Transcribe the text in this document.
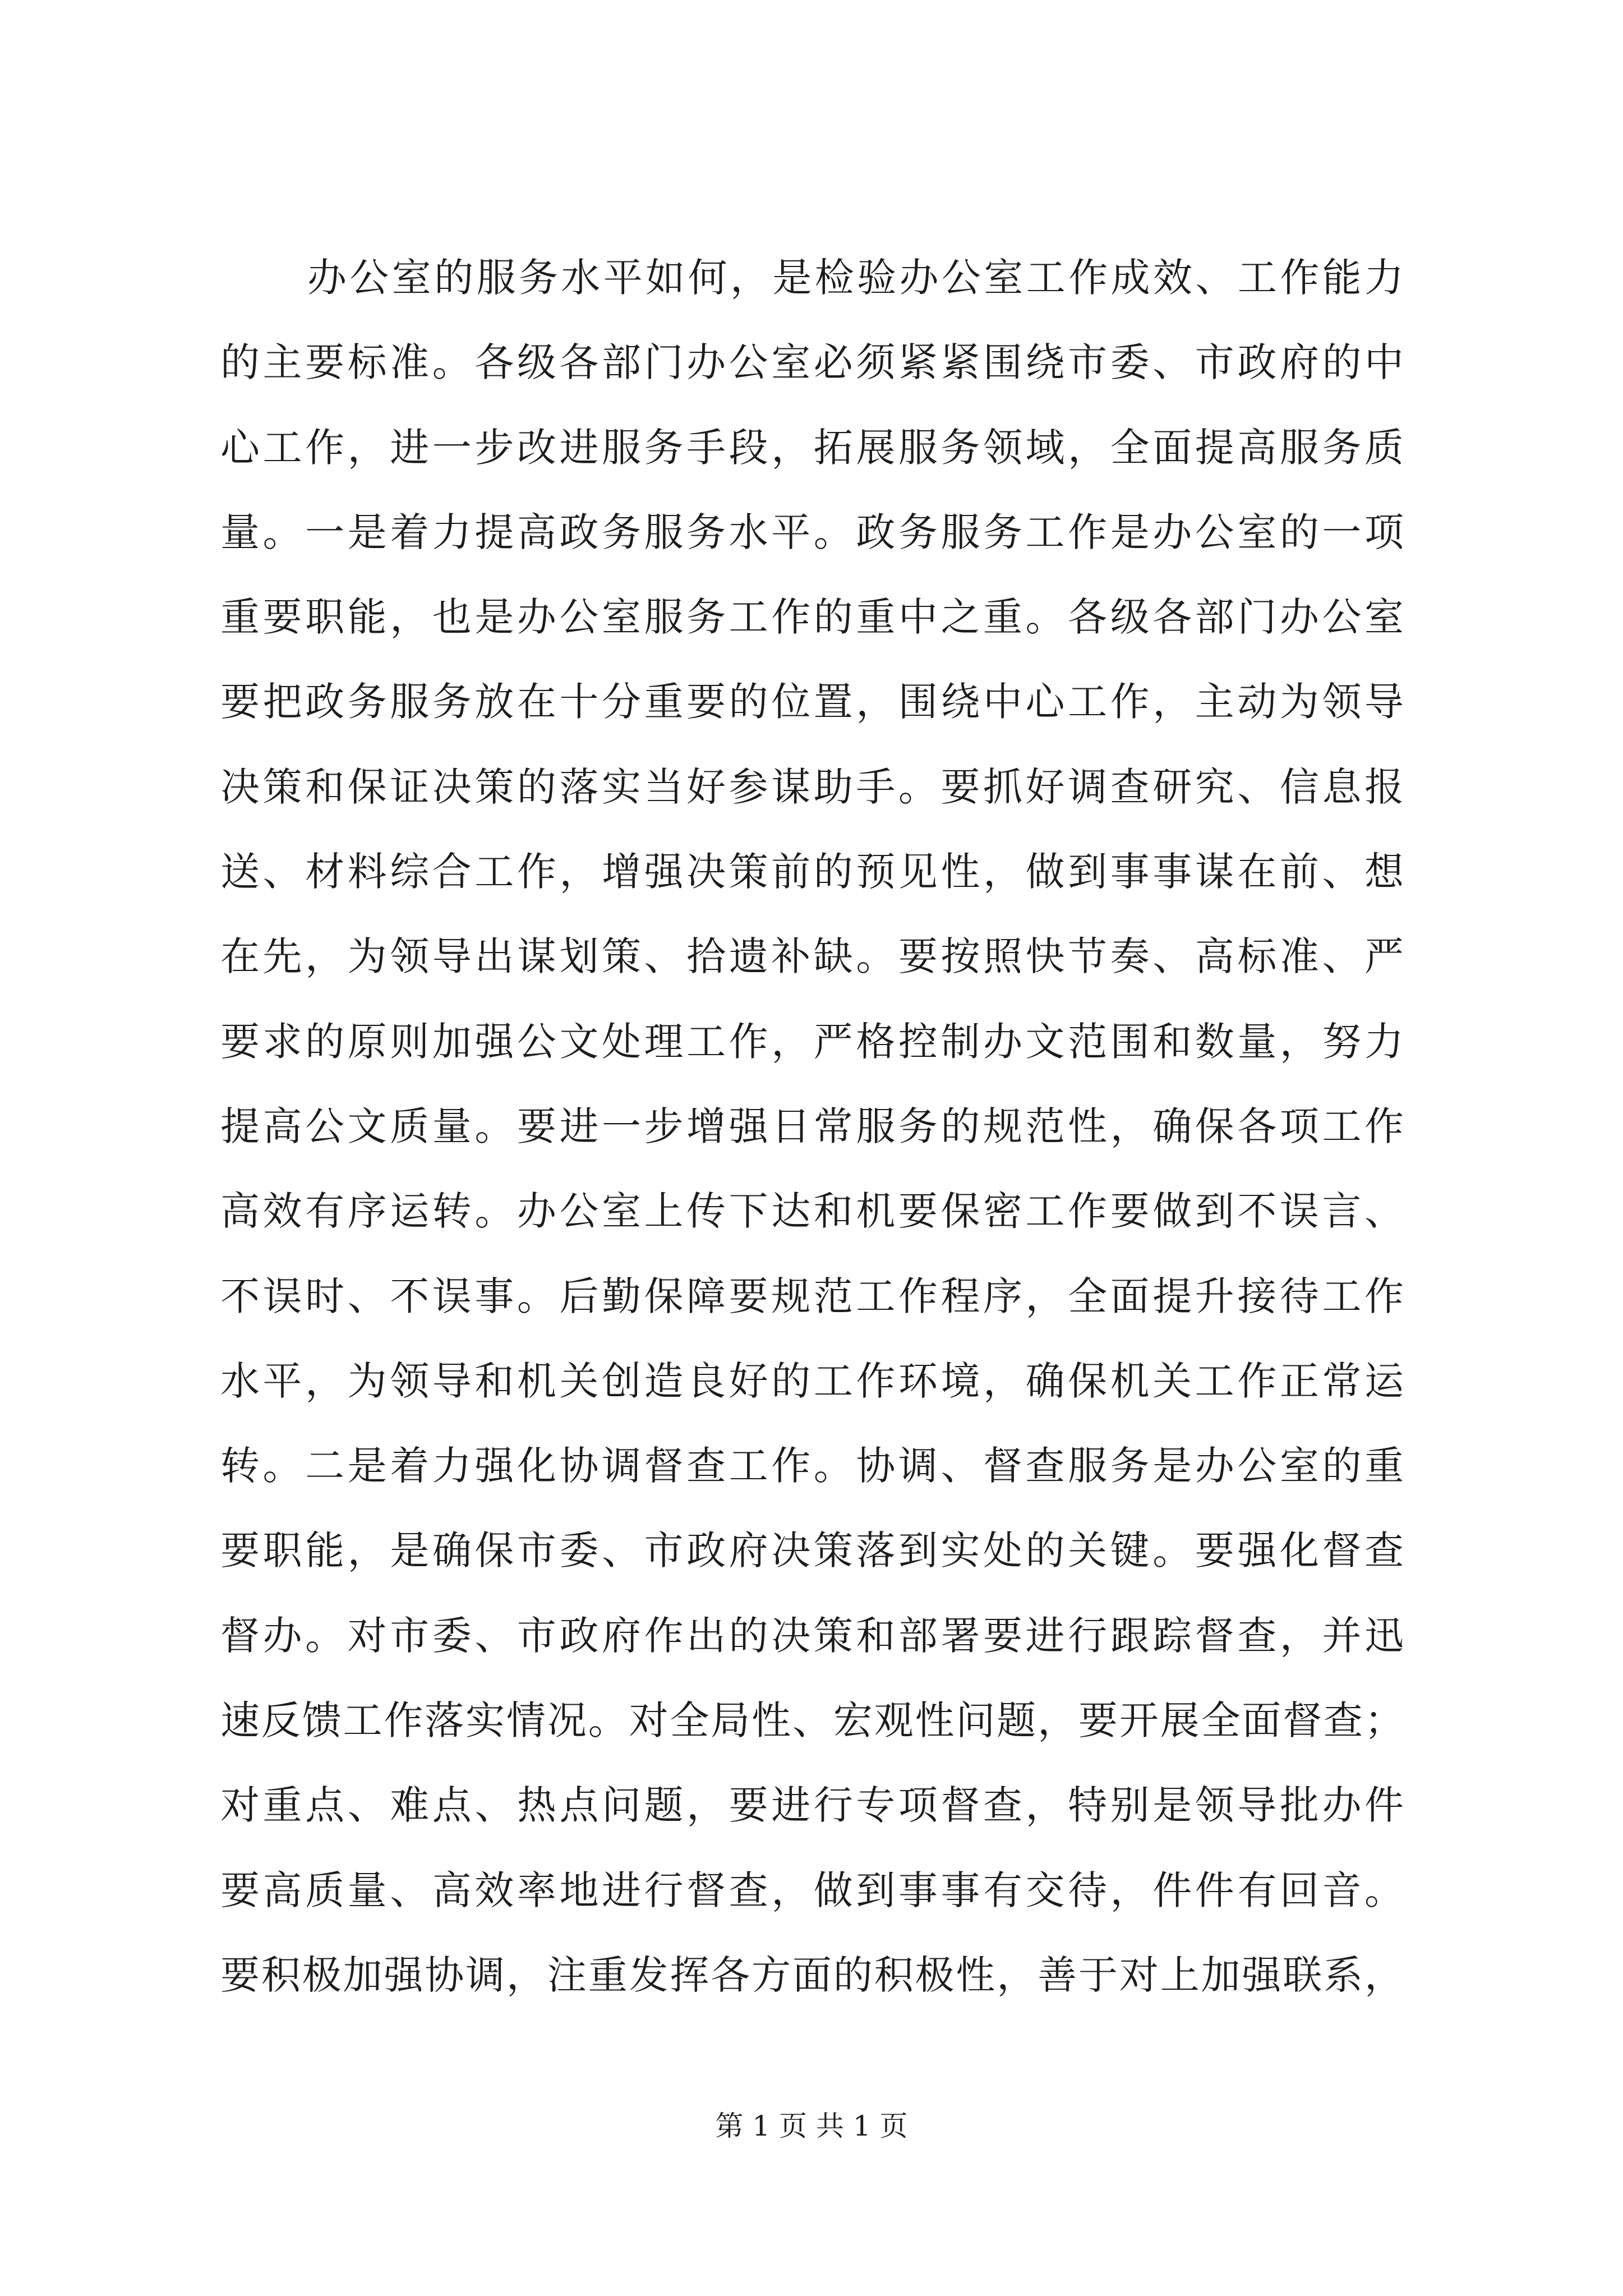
办公室的服务水平如何，是检验办公室工作成效、工作能力
的主要标准。各级各部门办公室必须紧紧围绕市委、市政府的中
心工作，进一步改进服务手段，拓展服务领域，全面提高服务质
量。一是着力提高政务服务水平。政务服务工作是办公室的一项
重要职能，也是办公室服务工作的重中之重。各级各部门办公室
要把政务服务放在十分重要的位置，围绕中心工作，主动为领导
决策和保证决策的落实当好参谋助手。要抓好调查研究、信息报
送、材料综合工作，增强决策前的预见性，做到事事谋在前、想
在先，为领导出谋划策、拾遗补缺。要按照快节奏、高标准、严
要求的原则加强公文处理工作，严格控制办文范围和数量，努力
提高公文质量。要进一步增强日常服务的规范性，确保各项工作
高效有序运转。办公室上传下达和机要保密工作要做到不误言、
不误时、不误事。后勤保障要规范工作程序，全面提升接待工作
水平，为领导和机关创造良好的工作环境，确保机关工作正常运
转。二是着力强化协调督查工作。协调、督查服务是办公室的重
要职能，是确保市委、市政府决策落到实处的关键。要强化督查
督办。对市委、市政府作出的决策和部署要进行跟踪督查，并迅
速反馈工作落实情况。对全局性、宏观性问题，要开展全面督查；
对重点、难点、热点问题，要进行专项督查，特别是领导批办件
要高质量、高效率地进行督查，做到事事有交待，件件有回音。
要积极加强协调，注重发挥各方面的积极性，善于对上加强联系，
第 1 页 共 1 页
